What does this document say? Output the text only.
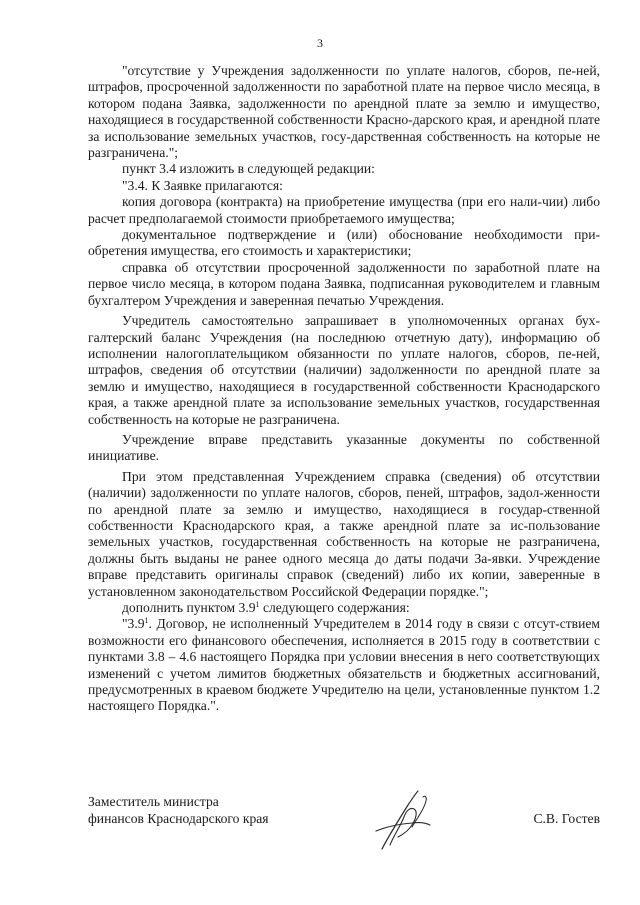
3

"отсутствие у Учреждения задолженности по уплате налогов, сборов, пе-ней, штрафов, просроченной задолженности по заработной плате на первое число месяца, в котором подана Заявка, задолженности по арендной плате за землю и имущество, находящиеся в государственной собственности Красно-дарского края, и арендной плате за использование земельных участков, госу-дарственная собственность на которые не разграничена.";

пункт 3.4 изложить в следующей редакции:

"3.4. К Заявке прилагаются:

копия договора (контракта) на приобретение имущества (при его нали-чии) либо расчет предполагаемой стоимости приобретаемого имущества;

документальное подтверждение и (или) обоснование необходимости при-обретения имущества, его стоимость и характеристики;

справка об отсутствии просроченной задолженности по заработной плате на первое число месяца, в котором подана Заявка, подписанная руководителем и главным бухгалтером Учреждения и заверенная печатью Учреждения.

Учредитель самостоятельно запрашивает в уполномоченных органах бух-галтерский баланс Учреждения (на последнюю отчетную дату), информацию об исполнении налогоплательщиком обязанности по уплате налогов, сборов, пе-ней, штрафов, сведения об отсутствии (наличии) задолженности по арендной плате за землю и имущество, находящиеся в государственной собственности Краснодарского края, а также арендной плате за использование земельных участков, государственная собственность на которые не разграничена.

Учреждение вправе представить указанные документы по собственной инициативе.

При этом представленная Учреждением справка (сведения) об отсутствии (наличии) задолженности по уплате налогов, сборов, пеней, штрафов, задол-женности по арендной плате за землю и имущество, находящиеся в государ-ственной собственности Краснодарского края, а также арендной плате за ис-пользование земельных участков, государственная собственность на которые не разграничена, должны быть выданы не ранее одного месяца до даты подачи За-явки. Учреждение вправе представить оригиналы справок (сведений) либо их копии, заверенные в установленном законодательством Российской Федерации порядке.";

дополнить пунктом $3.9^1$ следующего содержания:

"$3.9^1$. Договор, не исполненный Учредителем в 2014 году в связи с отсут-ствием возможности его финансового обеспечения, исполняется в 2015 году в соответствии с пунктами 3.8 – 4.6 настоящего Порядка при условии внесения в него соответствующих изменений с учетом лимитов бюджетных обязательств и бюджетных ассигнований, предусмотренных в краевом бюджете Учредителю на цели, установленные пунктом 1.2 настоящего Порядка.".

Заместитель министра
финансов Краснодарского края	С.В. Гостев
